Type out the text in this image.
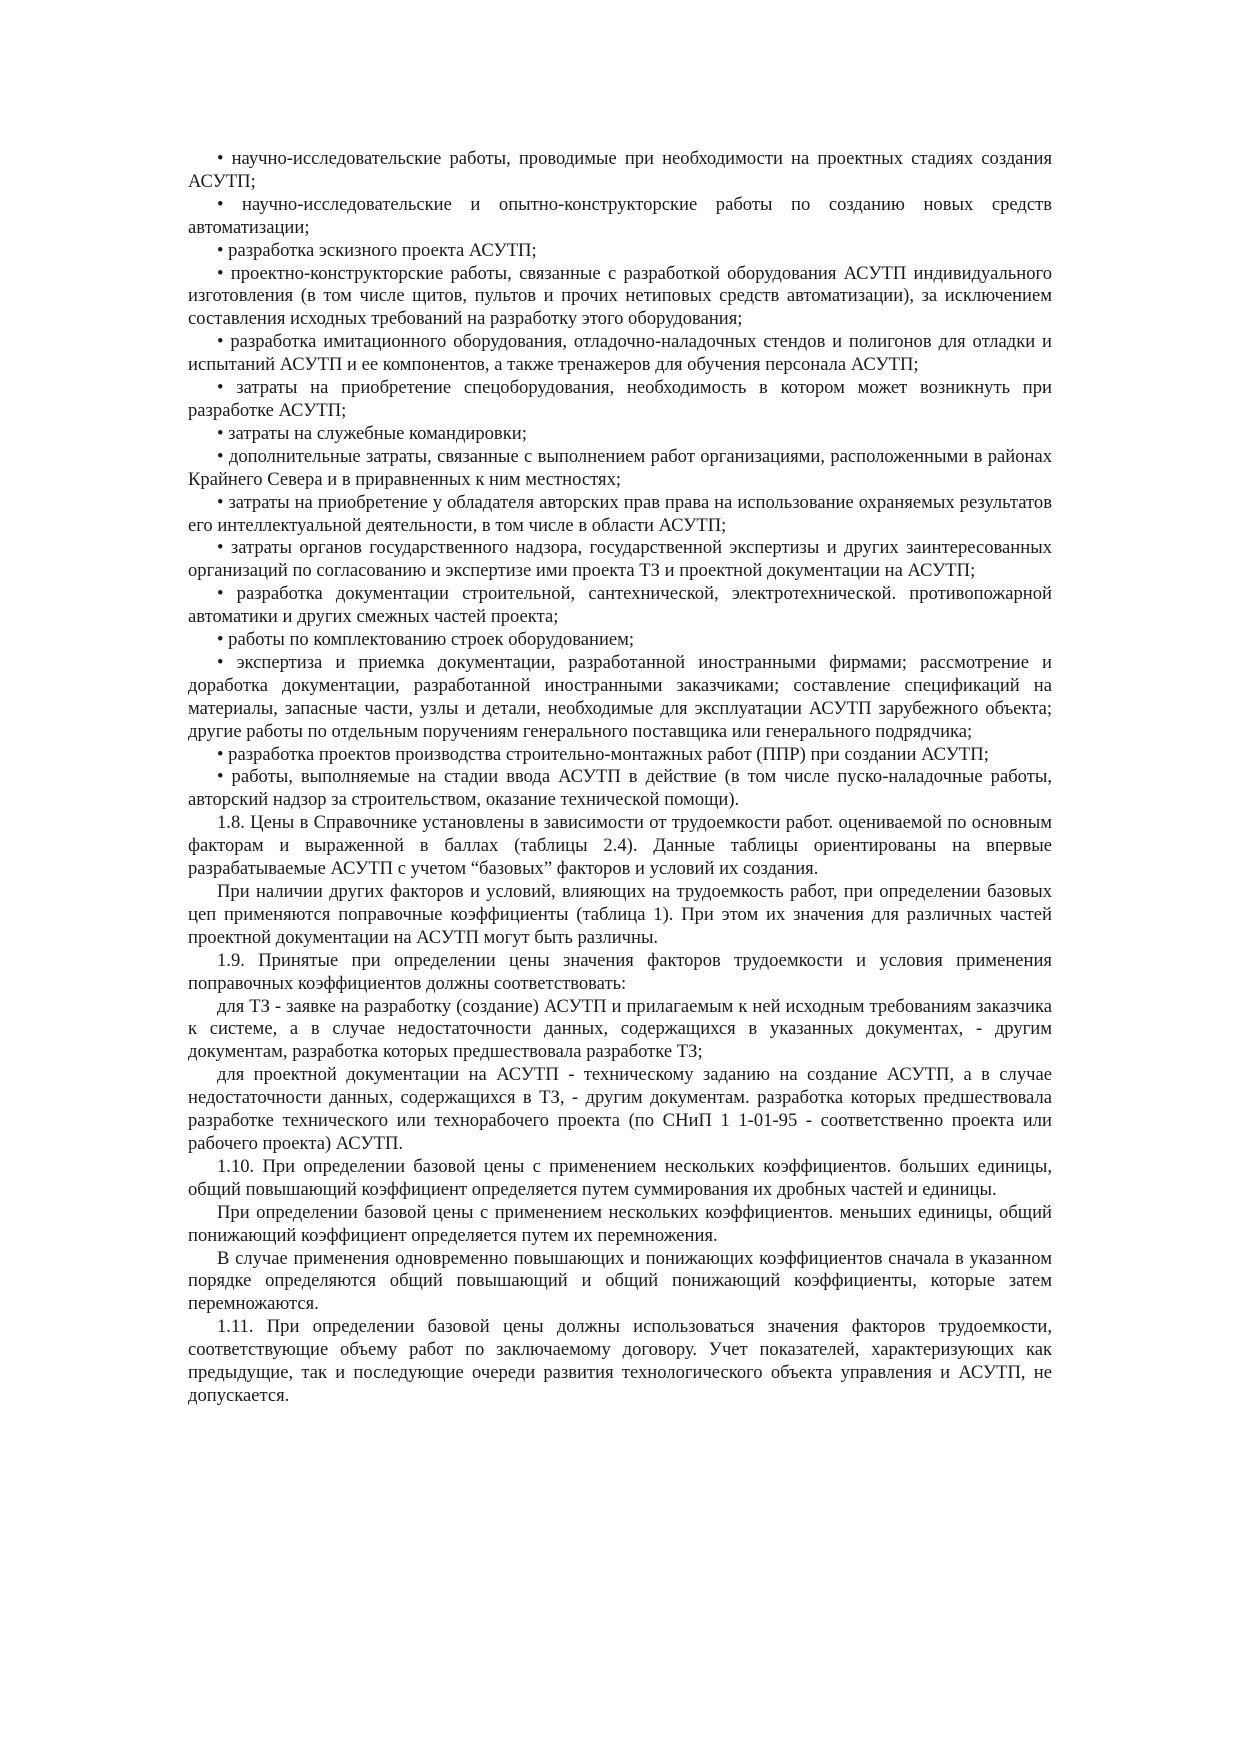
• научно-исследовательские работы, проводимые при необходимости на проектных стадиях создания АСУТП;

• научно-исследовательские и опытно-конструкторские работы по созданию новых средств автоматизации;

• разработка эскизного проекта АСУТП;

• проектно-конструкторские работы, связанные с разработкой оборудования АСУТП индивидуального изготовления (в том числе щитов, пультов и прочих нетиповых средств автоматизации), за исключением составления исходных требований на разработку этого оборудования;

• разработка имитационного оборудования, отладочно-наладочных стендов и полигонов для отладки и испытаний АСУТП и ее компонентов, а также тренажеров для обучения персонала АСУТП;

• затраты на приобретение спецоборудования, необходимость в котором может возникнуть при разработке АСУТП;

• затраты на служебные командировки;

• дополнительные затраты, связанные с выполнением работ организациями, расположенными в районах Крайнего Севера и в приравненных к ним местностях;

• затраты на приобретение у обладателя авторских прав права на использование охраняемых результатов его интеллектуальной деятельности, в том числе в области АСУТП;

• затраты органов государственного надзора, государственной экспертизы и других заинтересованных организаций по согласованию и экспертизе ими проекта ТЗ и проектной документации на АСУТП;

• разработка документации строительной, сантехнической, электротехнической. противопожарной автоматики и других смежных частей проекта;

• работы по комплектованию строек оборудованием;

• экспертиза и приемка документации, разработанной иностранными фирмами; рассмотрение и доработка документации, разработанной иностранными заказчиками; составление спецификаций на материалы, запасные части, узлы и детали, необходимые для эксплуатации АСУТП зарубежного объекта; другие работы по отдельным поручениям генерального поставщика или генерального подрядчика;

• разработка проектов производства строительно-монтажных работ (ППР) при создании АСУТП;

• работы, выполняемые на стадии ввода АСУТП в действие (в том числе пуско-наладочные работы, авторский надзор за строительством, оказание технической помощи).

1.8. Цены в Справочнике установлены в зависимости от трудоемкости работ. оцениваемой по основным факторам и выраженной в баллах (таблицы 2.4). Данные таблицы ориентированы на впервые разрабатываемые АСУТП с учетом “базовых” факторов и условий их создания.

При наличии других факторов и условий, влияющих на трудоемкость работ, при определении базовых цеп применяются поправочные коэффициенты (таблица 1). При этом их значения для различных частей проектной документации на АСУТП могут быть различны.

1.9. Принятые при определении цены значения факторов трудоемкости и условия применения поправочных коэффициентов должны соответствовать:

для ТЗ - заявке на разработку (создание) АСУТП и прилагаемым к ней исходным требованиям заказчика к системе, а в случае недостаточности данных, содержащихся в указанных документах, - другим документам, разработка которых предшествовала разработке ТЗ;

для проектной документации на АСУТП - техническому заданию на создание АСУТП, а в случае недостаточности данных, содержащихся в ТЗ, - другим документам. разработка которых предшествовала разработке технического или технорабочего проекта (по СНиП 1 1-01-95 - соответственно проекта или рабочего проекта) АСУТП.

1.10. При определении базовой цены с применением нескольких коэффициентов. больших единицы, общий повышающий коэффициент определяется путем суммирования их дробных частей и единицы.

При определении базовой цены с применением нескольких коэффициентов. меньших единицы, общий понижающий коэффициент определяется путем их перемножения.

В случае применения одновременно повышающих и понижающих коэффициентов сначала в указанном порядке определяются общий повышающий и общий понижающий коэффициенты, которые затем перемножаются.

1.11. При определении базовой цены должны использоваться значения факторов трудоемкости, соответствующие объему работ по заключаемому договору. Учет показателей, характеризующих как предыдущие, так и последующие очереди развития технологического объекта управления и АСУТП, не допускается.
